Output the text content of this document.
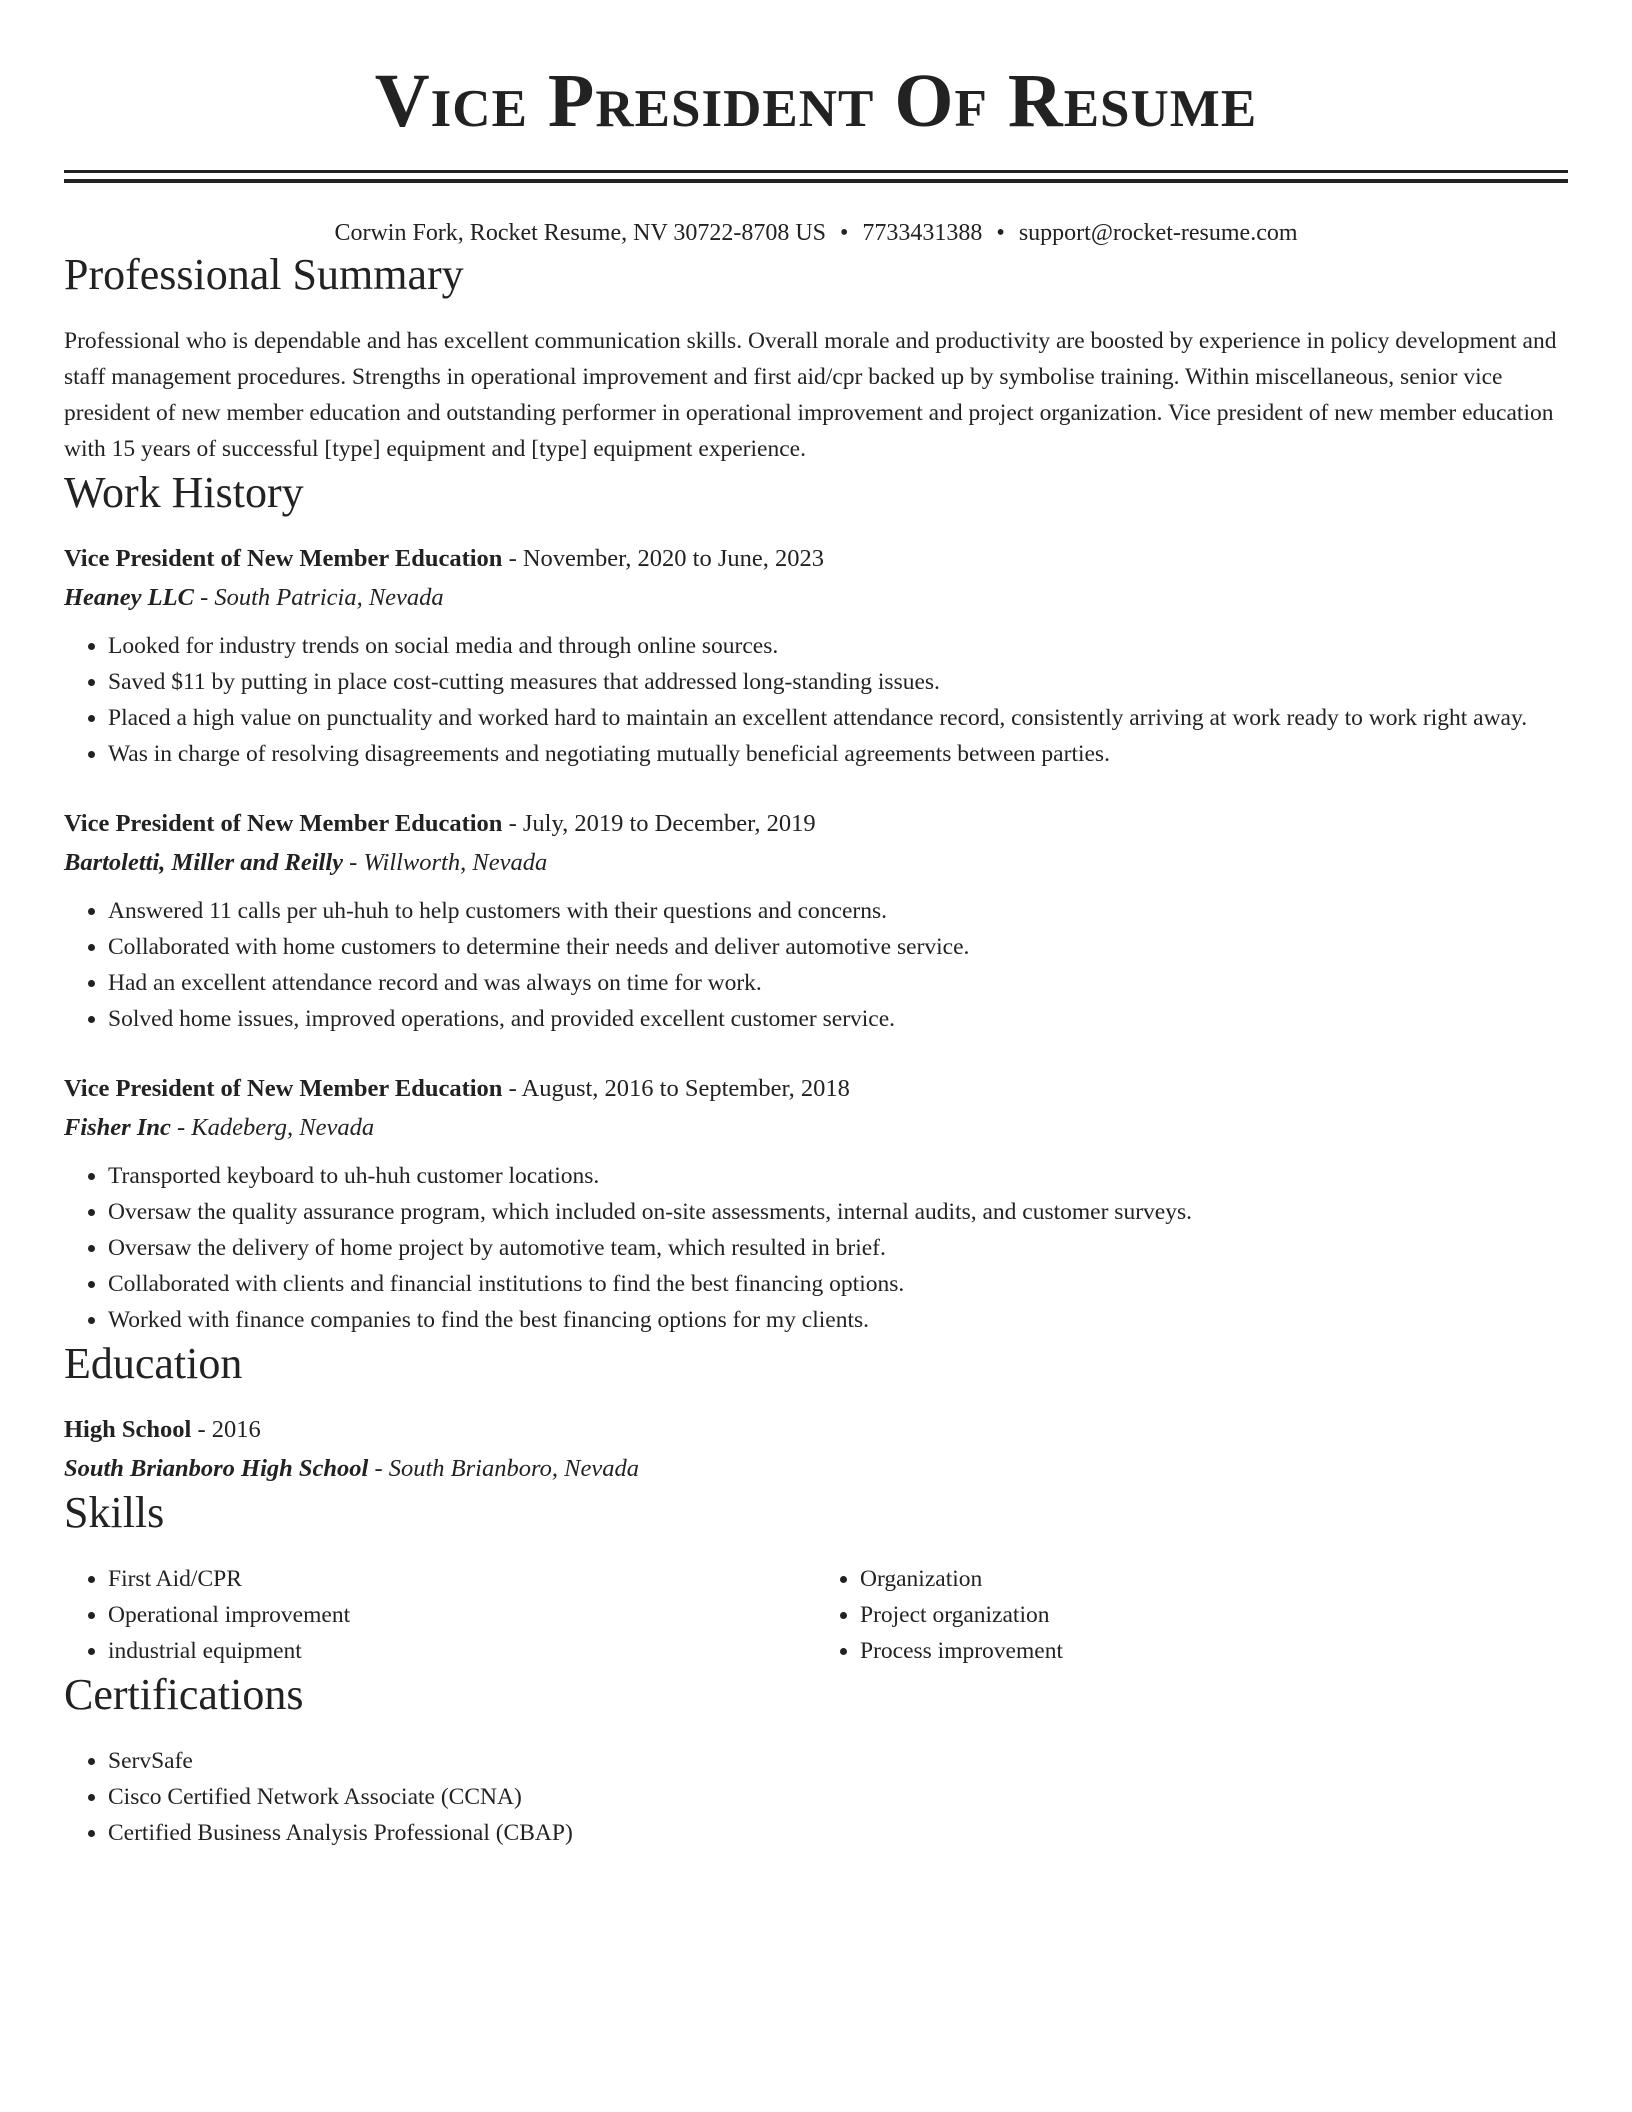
Vice President Of Resume
Corwin Fork, Rocket Resume, NV 30722-8708 US • 7733431388 • support@rocket-resume.com
Professional Summary

Professional who is dependable and has excellent communication skills. Overall morale and productivity are boosted by experience in policy development and staff management procedures. Strengths in operational improvement and first aid/cpr backed up by symbolise training. Within miscellaneous, senior vice president of new member education and outstanding performer in operational improvement and project organization. Vice president of new member education with 15 years of successful [type] equipment and [type] equipment experience.

Work History
Vice President of New Member Education - November, 2020 to June, 2023
Heaney LLC - South Patricia, Nevada
• Looked for industry trends on social media and through online sources.
• Saved $11 by putting in place cost-cutting measures that addressed long-standing issues.
• Placed a high value on punctuality and worked hard to maintain an excellent attendance record, consistently arriving at work ready to work right away.
• Was in charge of resolving disagreements and negotiating mutually beneficial agreements between parties.
Vice President of New Member Education - July, 2019 to December, 2019
Bartoletti, Miller and Reilly - Willworth, Nevada
• Answered 11 calls per uh-huh to help customers with their questions and concerns.
• Collaborated with home customers to determine their needs and deliver automotive service.
• Had an excellent attendance record and was always on time for work.
• Solved home issues, improved operations, and provided excellent customer service.
Vice President of New Member Education - August, 2016 to September, 2018
Fisher Inc - Kadeberg, Nevada
• Transported keyboard to uh-huh customer locations.
• Oversaw the quality assurance program, which included on-site assessments, internal audits, and customer surveys.
• Oversaw the delivery of home project by automotive team, which resulted in brief.
• Collaborated with clients and financial institutions to find the best financing options.
• Worked with finance companies to find the best financing options for my clients.
Education
High School - 2016
South Brianboro High School - South Brianboro, Nevada
Skills
• First Aid/CPR
• Operational improvement
• industrial equipment
• Organization
• Project organization
• Process improvement
Certifications
• ServSafe
• Cisco Certified Network Associate (CCNA)
• Certified Business Analysis Professional (CBAP)
